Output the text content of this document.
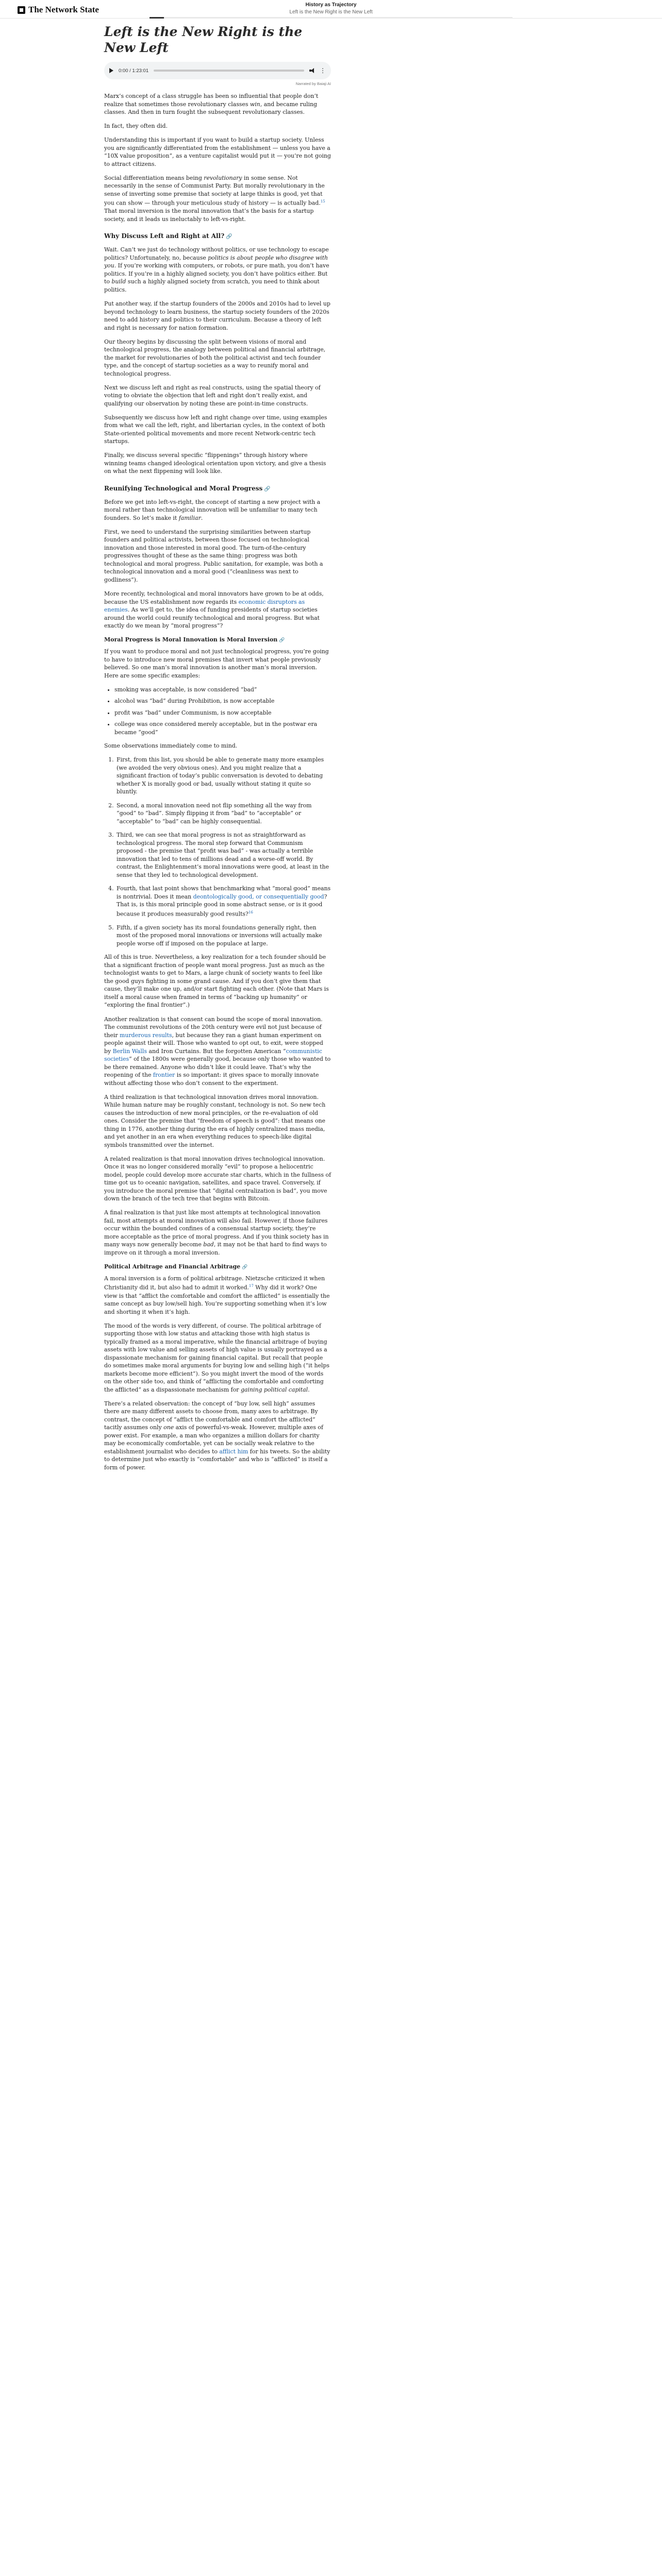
The Network State	History as Trajectory
Left is the New Right is the New Left
Left is the New Right is the New Left
0:00 / 1:23:01	⋮
Narrated by Baiaji AI

Marx’s concept of a class struggle has been so influential that people don’t realize that sometimes those revolutionary classes win, and became ruling classes. And then in turn fought the subsequent revolutionary classes.

In fact, they often did.

Understanding this is important if you want to build a startup society. Unless you are significantly differentiated from the establishment — unless you have a “10X value proposition”, as a venture capitalist would put it — you’re not going to attract citizens.

Social differentiation means being revolutionary in some sense. Not necessarily in the sense of Communist Party. But morally revolutionary in the sense of inverting some premise that society at large thinks is good, yet that you can show — through your meticulous study of history — is actually bad.$^{15}$ That moral inversion is the moral innovation that’s the basis for a startup society, and it leads us ineluctably to left-vs-right.

Why Discuss Left and Right at All? 🔗

Wait. Can’t we just do technology without politics, or use technology to escape politics? Unfortunately, no, because politics is about people who disagree with you. If you’re working with computers, or robots, or pure math, you don’t have politics. If you’re in a highly aligned society, you don’t have politics either. But to build such a highly aligned society from scratch, you need to think about politics.

Put another way, if the startup founders of the 2000s and 2010s had to level up beyond technology to learn business, the startup society founders of the 2020s need to add history and politics to their curriculum. Because a theory of left and right is necessary for nation formation.

Our theory begins by discussing the split between visions of moral and technological progress, the analogy between political and financial arbitrage, the market for revolutionaries of both the political activist and tech founder type, and the concept of startup societies as a way to reunify moral and technological progress.

Next we discuss left and right as real constructs, using the spatial theory of voting to obviate the objection that left and right don’t really exist, and qualifying our observation by noting these are point-in-time constructs.

Subsequently we discuss how left and right change over time, using examples from what we call the left, right, and libertarian cycles, in the context of both State-oriented political movements and more recent Network-centric tech startups.

Finally, we discuss several specific “flippenings” through history where winning teams changed ideological orientation upon victory, and give a thesis on what the next flippening will look like.

Reunifying Technological and Moral Progress 🔗

Before we get into left-vs-right, the concept of starting a new project with a moral rather than technological innovation will be unfamiliar to many tech founders. So let’s make it familiar.

First, we need to understand the surprising similarities between startup founders and political activists, between those focused on technological innovation and those interested in moral good. The turn-of-the-century progressives thought of these as the same thing: progress was both technological and moral progress. Public sanitation, for example, was both a technological innovation and a moral good (“cleanliness was next to godliness”).

More recently, technological and moral innovators have grown to be at odds, because the US establishment now regards its economic disruptors as enemies. As we’ll get to, the idea of funding presidents of startup societies around the world could reunify technological and moral progress. But what exactly do we mean by “moral progress”?

Moral Progress is Moral Innovation is Moral Inversion 🔗

If you want to produce moral and not just technological progress, you’re going to have to introduce new moral premises that invert what people previously believed. So one man’s moral innovation is another man’s moral inversion. Here are some specific examples:

• smoking was acceptable, is now considered “bad”
• alcohol was “bad” during Prohibition, is now acceptable
• profit was “bad” under Communism, is now acceptable
• college was once considered merely acceptable, but in the postwar era became “good”

Some observations immediately come to mind.

1. First, from this list, you should be able to generate many more examples (we avoided the very obvious ones). And you might realize that a significant fraction of today’s public conversation is devoted to debating whether X is morally good or bad, usually without stating it quite so bluntly.
2. Second, a moral innovation need not flip something all the way from “good” to “bad”. Simply flipping it from “bad” to “acceptable” or “acceptable” to “bad” can be highly consequential.
3. Third, we can see that moral progress is not as straightforward as technological progress. The moral step forward that Communism proposed - the premise that “profit was bad” - was actually a terrible innovation that led to tens of millions dead and a worse-off world. By contrast, the Enlightenment’s moral innovations were good, at least in the sense that they led to technological development.
4. Fourth, that last point shows that benchmarking what “moral good” means is nontrivial. Does it mean deontologically good, or consequentially good? That is, is this moral principle good in some abstract sense, or is it good because it produces measurably good results?$^{16}$
5. Fifth, if a given society has its moral foundations generally right, then most of the proposed moral innovations or inversions will actually make people worse off if imposed on the populace at large.

All of this is true. Nevertheless, a key realization for a tech founder should be that a significant fraction of people want moral progress. Just as much as the technologist wants to get to Mars, a large chunk of society wants to feel like the good guys fighting in some grand cause. And if you don’t give them that cause, they’ll make one up, and/or start fighting each other. (Note that Mars is itself a moral cause when framed in terms of “backing up humanity” or “exploring the final frontier”.)

Another realization is that consent can bound the scope of moral innovation. The communist revolutions of the 20th century were evil not just because of their murderous results, but because they ran a giant human experiment on people against their will. Those who wanted to opt out, to exit, were stopped by Berlin Walls and Iron Curtains. But the forgotten American “communistic societies” of the 1800s were generally good, because only those who wanted to be there remained. Anyone who didn’t like it could leave. That’s why the reopening of the frontier is so important: it gives space to morally innovate without affecting those who don’t consent to the experiment.

A third realization is that technological innovation drives moral innovation. While human nature may be roughly constant, technology is not. So new tech causes the introduction of new moral principles, or the re-evaluation of old ones. Consider the premise that “freedom of speech is good”: that means one thing in 1776, another thing during the era of highly centralized mass media, and yet another in an era when everything reduces to speech-like digital symbols transmitted over the internet.

A related realization is that moral innovation drives technological innovation. Once it was no longer considered morally “evil” to propose a heliocentric model, people could develop more accurate star charts, which in the fullness of time got us to oceanic navigation, satellites, and space travel. Conversely, if you introduce the moral premise that “digital centralization is bad”, you move down the branch of the tech tree that begins with Bitcoin.

A final realization is that just like most attempts at technological innovation fail, most attempts at moral innovation will also fail. However, if those failures occur within the bounded confines of a consensual startup society, they’re more acceptable as the price of moral progress. And if you think society has in many ways now generally become bad, it may not be that hard to find ways to improve on it through a moral inversion.

Political Arbitrage and Financial Arbitrage 🔗

A moral inversion is a form of political arbitrage. Nietzsche criticized it when Christianity did it, but also had to admit it worked.$^{17}$ Why did it work? One view is that “afflict the comfortable and comfort the afflicted” is essentially the same concept as buy low/sell high. You’re supporting something when it’s low and shorting it when it’s high.

The mood of the words is very different, of course. The political arbitrage of supporting those with low status and attacking those with high status is typically framed as a moral imperative, while the financial arbitrage of buying assets with low value and selling assets of high value is usually portrayed as a dispassionate mechanism for gaining financial capital. But recall that people do sometimes make moral arguments for buying low and selling high (“it helps markets become more efficient”). So you might invert the mood of the words on the other side too, and think of “afflicting the comfortable and comforting the afflicted” as a dispassionate mechanism for gaining political capital.

There’s a related observation: the concept of “buy low, sell high” assumes there are many different assets to choose from, many axes to arbitrage. By contrast, the concept of “afflict the comfortable and comfort the afflicted” tacitly assumes only one axis of powerful-vs-weak. However, multiple axes of power exist. For example, a man who organizes a million dollars for charity may be economically comfortable, yet can be socially weak relative to the establishment journalist who decides to afflict him for his tweets. So the ability to determine just who exactly is “comfortable” and who is “afflicted” is itself a form of power.
